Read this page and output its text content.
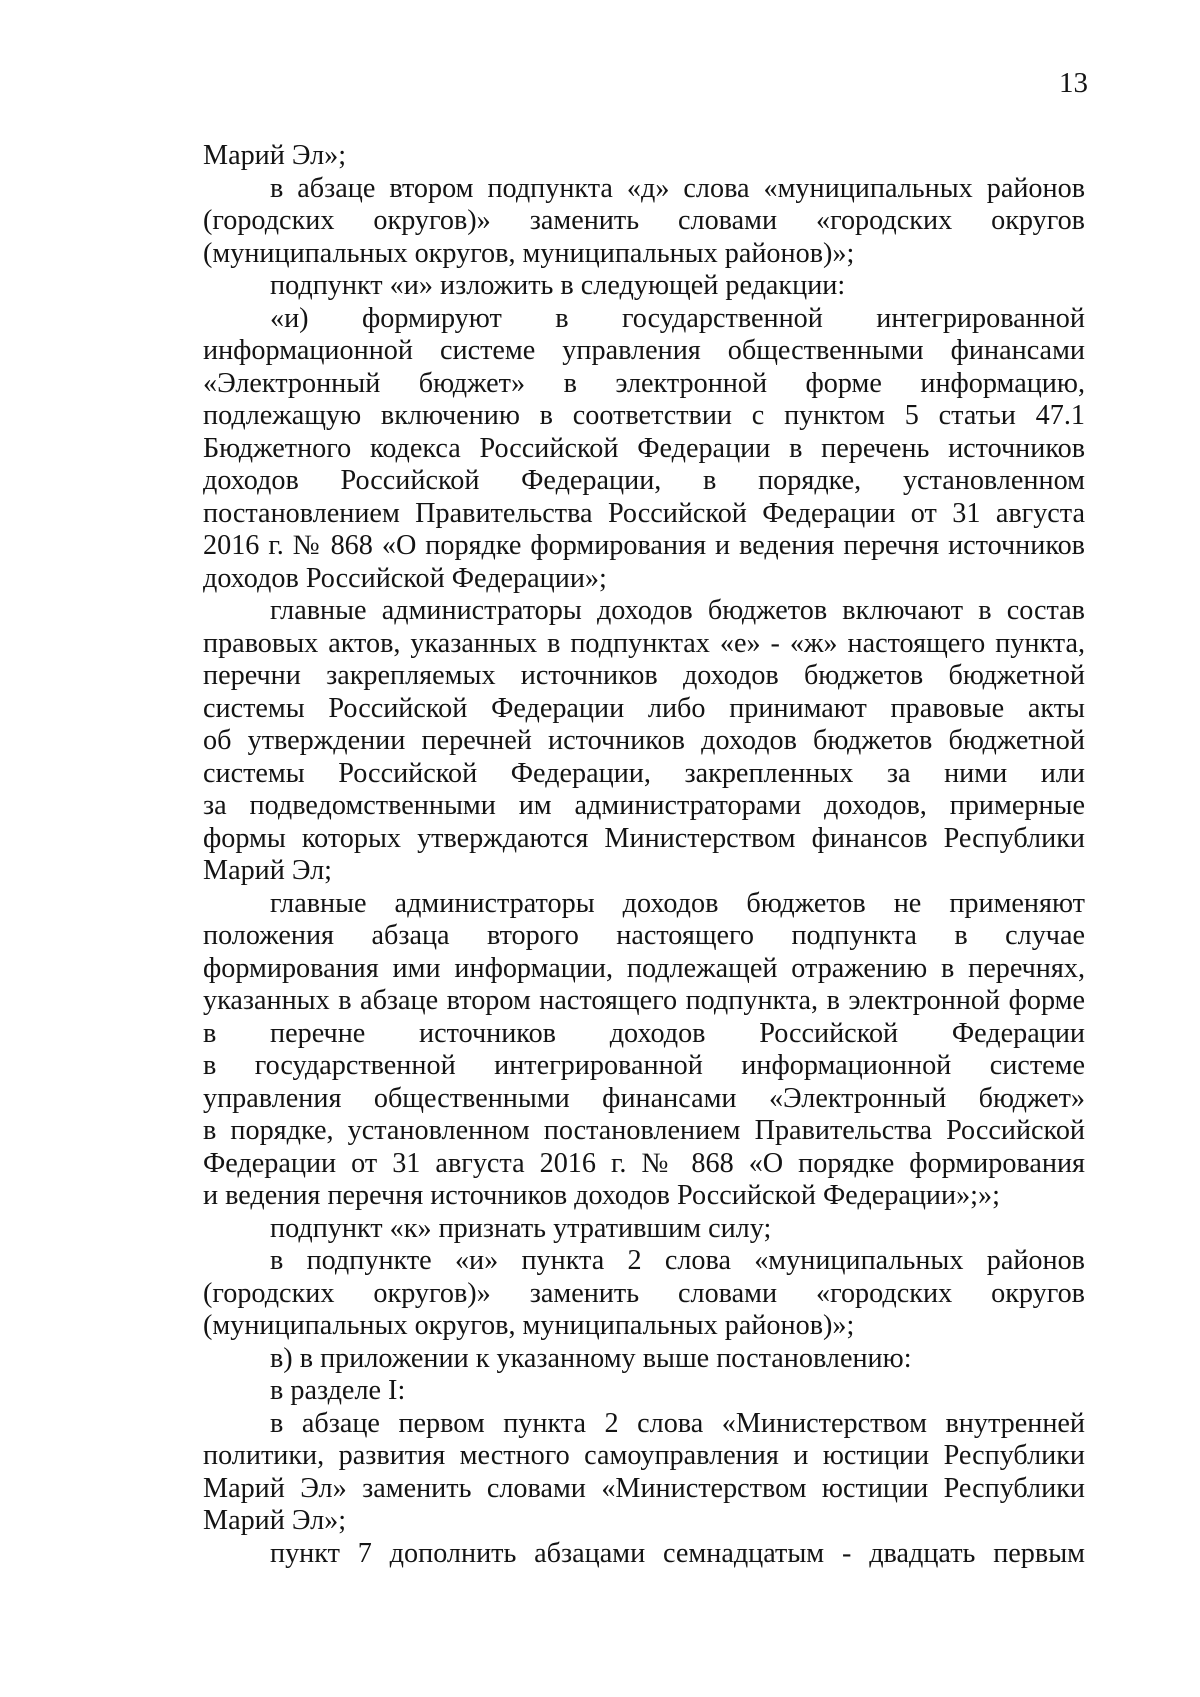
13
Марий Эл»;
в абзаце втором подпункта «д» слова «муниципальных районов
(городских округов)» заменить словами «городских округов
(муниципальных округов, муниципальных районов)»;
подпункт «и» изложить в следующей редакции:
«и) формируют в государственной интегрированной
информационной системе управления общественными финансами
«Электронный бюджет» в электронной форме информацию,
подлежащую включению в соответствии с пунктом 5 статьи 47.1
Бюджетного кодекса Российской Федерации в перечень источников
доходов Российской Федерации, в порядке, установленном
постановлением Правительства Российской Федерации от 31 августа
2016 г. № 868 «О порядке формирования и ведения перечня источников
доходов Российской Федерации»;
главные администраторы доходов бюджетов включают в состав
правовых актов, указанных в подпунктах «е» - «ж» настоящего пункта,
перечни закрепляемых источников доходов бюджетов бюджетной
системы Российской Федерации либо принимают правовые акты
об утверждении перечней источников доходов бюджетов бюджетной
системы Российской Федерации, закрепленных за ними или
за подведомственными им администраторами доходов, примерные
формы которых утверждаются Министерством финансов Республики
Марий Эл;
главные администраторы доходов бюджетов не применяют
положения абзаца второго настоящего подпункта в случае
формирования ими информации, подлежащей отражению в перечнях,
указанных в абзаце втором настоящего подпункта, в электронной форме
в перечне источников доходов Российской Федерации
в государственной интегрированной информационной системе
управления общественными финансами «Электронный бюджет»
в порядке, установленном постановлением Правительства Российской
Федерации от 31 августа 2016 г. № 868 «О порядке формирования
и ведения перечня источников доходов Российской Федерации»;»;
подпункт «к» признать утратившим силу;
в подпункте «и» пункта 2 слова «муниципальных районов
(городских округов)» заменить словами «городских округов
(муниципальных округов, муниципальных районов)»;
в) в приложении к указанному выше постановлению:
в разделе I:
в абзаце первом пункта 2 слова «Министерством внутренней
политики, развития местного самоуправления и юстиции Республики
Марий Эл» заменить словами «Министерством юстиции Республики
Марий Эл»;
пункт 7 дополнить абзацами семнадцатым - двадцать первым
